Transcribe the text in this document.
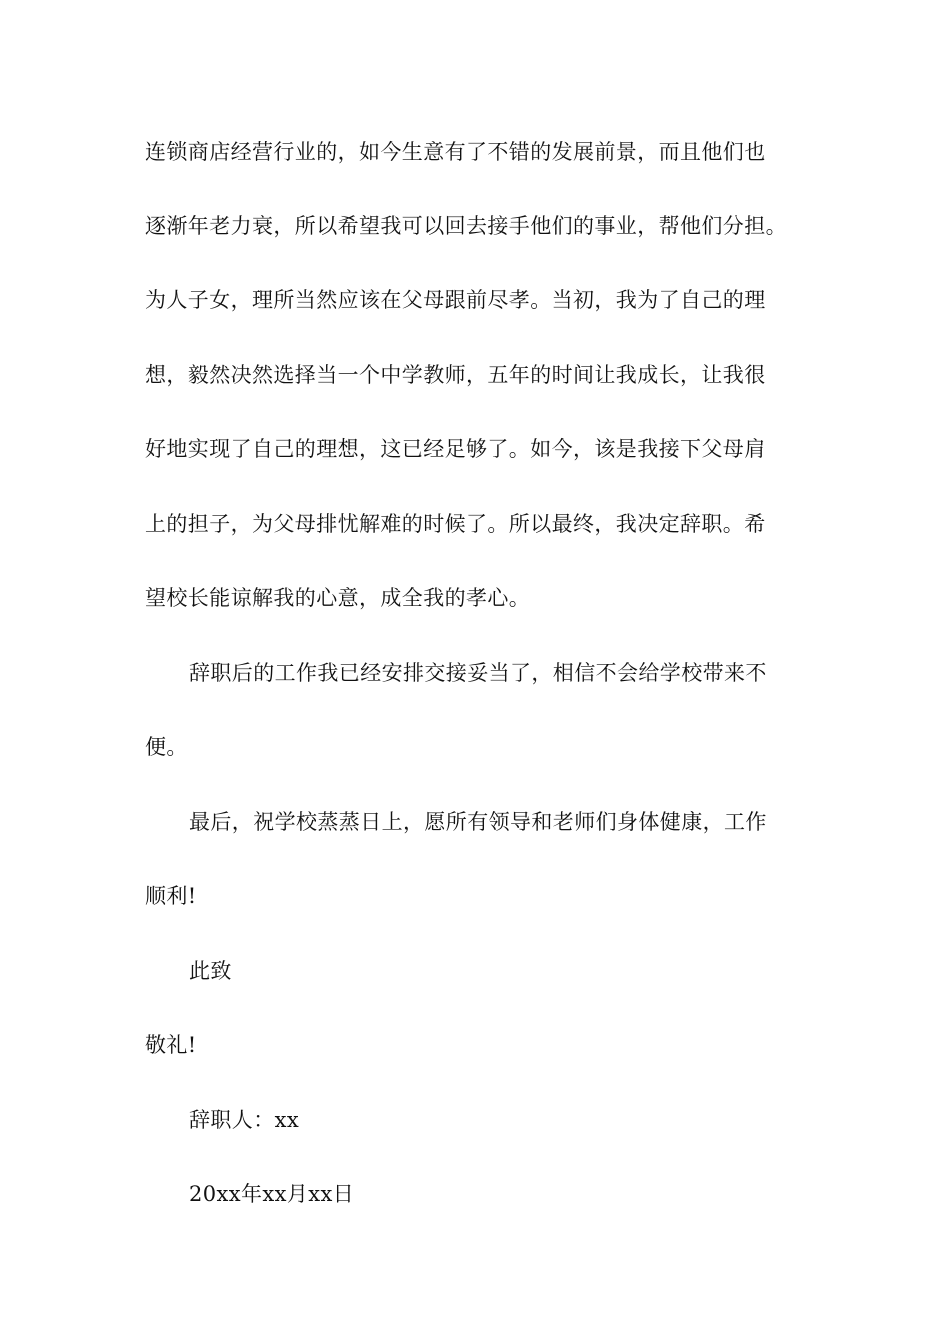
连锁商店经营行业的，如今生意有了不错的发展前景，而且他们也
逐渐年老力衰，所以希望我可以回去接手他们的事业，帮他们分担。
为人子女，理所当然应该在父母跟前尽孝。当初，我为了自己的理
想，毅然决然选择当一个中学教师，五年的时间让我成长，让我很
好地实现了自己的理想，这已经足够了。如今，该是我接下父母肩
上的担子，为父母排忧解难的时候了。所以最终，我决定辞职。希
望校长能谅解我的心意，成全我的孝心。
辞职后的工作我已经安排交接妥当了，相信不会给学校带来不
便。
最后，祝学校蒸蒸日上，愿所有领导和老师们身体健康，工作
顺利!
此致
敬礼!
辞职人：xx
20xx年xx月xx日
